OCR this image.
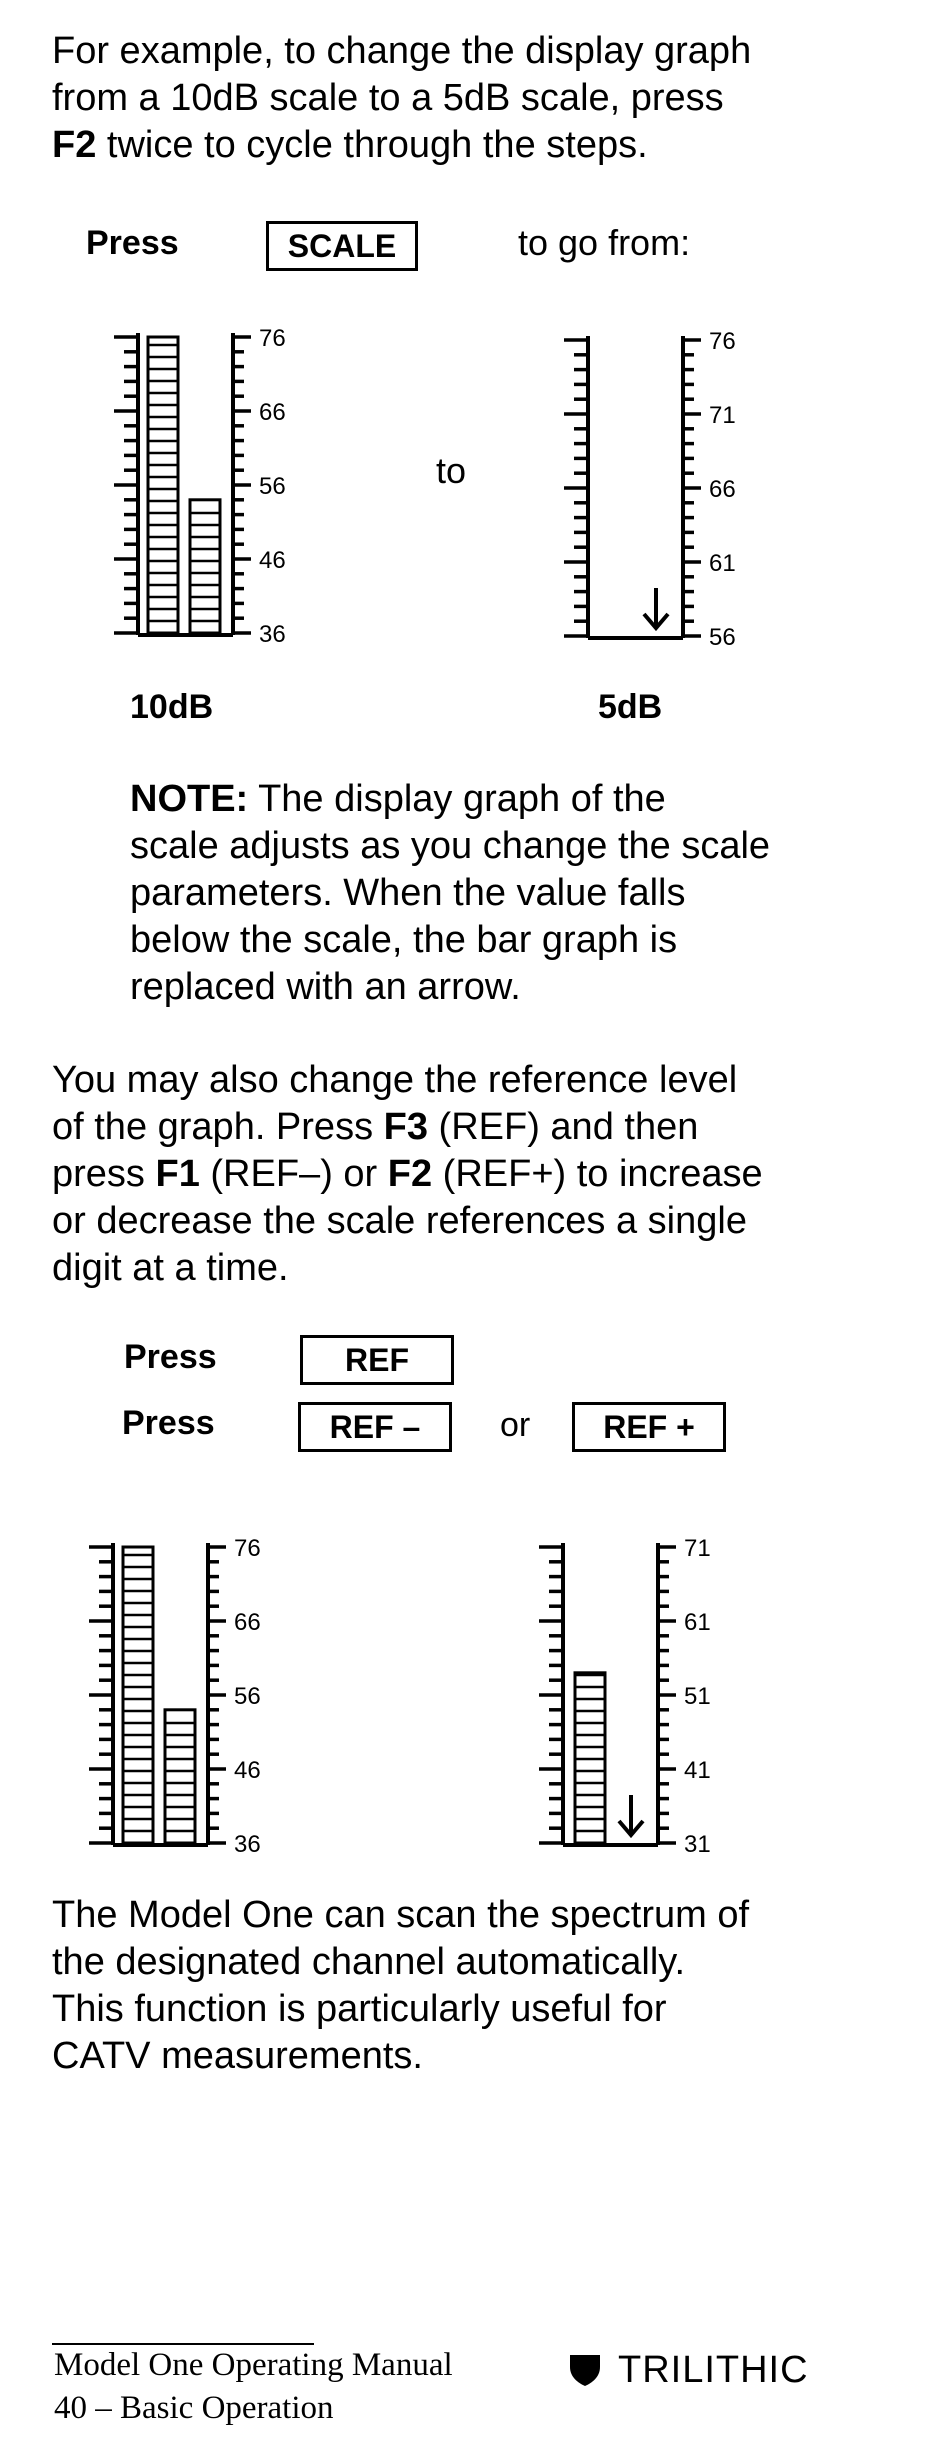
For example, to change the display graph
from a 10dB scale to a 5dB scale, press
F2 twice to cycle through the steps.
Press	SCALE	to go from:
76
66
56
46
36
76
71
66
61
56
to
10dB	5dB
NOTE: The display graph of the
scale adjusts as you change the scale
parameters. When the value falls
below the scale, the bar graph is
replaced with an arrow.
You may also change the reference level
of the graph. Press F3 (REF) and then
press F1 (REF–) or F2 (REF+) to increase
or decrease the scale references a single
digit at a time.
Press	REF
Press	REF –	or	REF +
76
66
56
46
36
71
61
51
41
31
The Model One can scan the spectrum of
the designated channel automatically.
This function is particularly useful for
CATV measurements.
Model One Operating Manual
40 – Basic Operation
TRILITHIC
